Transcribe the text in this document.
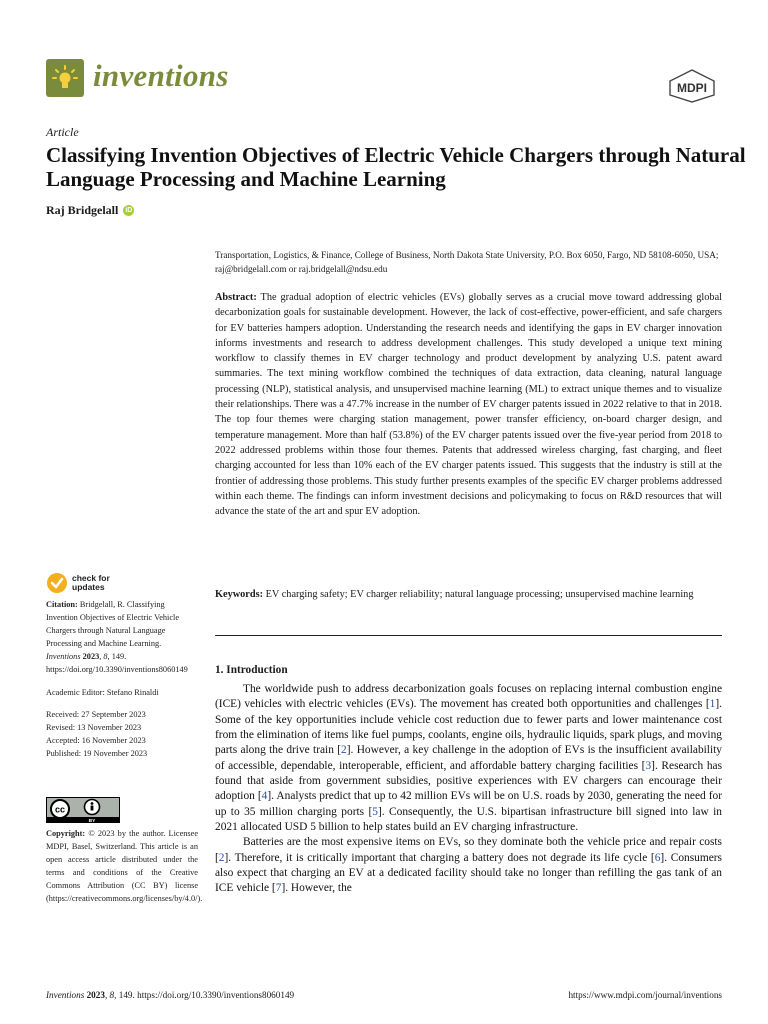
inventions	MDPI
Article
Classifying Invention Objectives of Electric Vehicle Chargers through Natural Language Processing and Machine Learning
Raj Bridgelall iD
Transportation, Logistics, & Finance, College of Business, North Dakota State University, P.O. Box 6050, Fargo, ND 58108-6050, USA; raj@bridgelall.com or raj.bridgelall@ndsu.edu
Abstract: The gradual adoption of electric vehicles (EVs) globally serves as a crucial move toward addressing global decarbonization goals for sustainable development. However, the lack of cost-effective, power-efficient, and safe chargers for EV batteries hampers adoption. Understanding the research needs and identifying the gaps in EV charger innovation informs investments and research to address development challenges. This study developed a unique text mining workflow to classify themes in EV charger technology and product development by analyzing U.S. patent award summaries. The text mining workflow combined the techniques of data extraction, data cleaning, natural language processing (NLP), statistical analysis, and unsupervised machine learning (ML) to extract unique themes and to visualize their relationships. There was a 47.7% increase in the number of EV charger patents issued in 2022 relative to that in 2018. The top four themes were charging station management, power transfer efficiency, on-board charger design, and temperature management. More than half (53.8%) of the EV charger patents issued over the five-year period from 2018 to 2022 addressed problems within those four themes. Patents that addressed wireless charging, fast charging, and fleet charging accounted for less than 10% each of the EV charger patents issued. This suggests that the industry is still at the frontier of addressing those problems. This study further presents examples of the specific EV charger problems addressed within each theme. The findings can inform investment decisions and policymaking to focus on R&D resources that will advance the state of the art and spur EV adoption.
Keywords: EV charging safety; EV charger reliability; natural language processing; unsupervised machine learning
check for
updates
Citation: Bridgelall, R. Classifying Invention Objectives of Electric Vehicle Chargers through Natural Language Processing and Machine Learning. Inventions 2023, 8, 149. https://doi.org/10.3390/inventions8060149
Academic Editor: Stefano Rinaldi
Received: 27 September 2023
Revised: 13 November 2023
Accepted: 16 November 2023
Published: 19 November 2023
cc
BY
Copyright: © 2023 by the author. Licensee MDPI, Basel, Switzerland. This article is an open access article distributed under the terms and conditions of the Creative Commons Attribution (CC BY) license (https://creativecommons.org/licenses/by/4.0/).
1. Introduction

The worldwide push to address decarbonization goals focuses on replacing internal combustion engine (ICE) vehicles with electric vehicles (EVs). The movement has created both opportunities and challenges [1]. Some of the key opportunities include vehicle cost reduction due to fewer parts and lower maintenance cost from the elimination of items like fuel pumps, coolants, engine oils, hydraulic liquids, spark plugs, and moving parts along the drive train [2]. However, a key challenge in the adoption of EVs is the insufficient availability of accessible, dependable, interoperable, efficient, and affordable battery charging facilities [3]. Research has found that aside from government subsidies, positive experiences with EV chargers can encourage their adoption [4]. Analysts predict that up to 42 million EVs will be on U.S. roads by 2030, generating the need for up to 35 million charging ports [5]. Consequently, the U.S. bipartisan infrastructure bill signed into law in 2021 allocated USD 5 billion to help states build an EV charging infrastructure.

Batteries are the most expensive items on EVs, so they dominate both the vehicle price and repair costs [2]. Therefore, it is critically important that charging a battery does not degrade its life cycle [6]. Consumers also expect that charging an EV at a dedicated facility should take no longer than refilling the gas tank of an ICE vehicle [7]. However, the

Inventions 2023, 8, 149. https://doi.org/10.3390/inventions8060149	https://www.mdpi.com/journal/inventions
